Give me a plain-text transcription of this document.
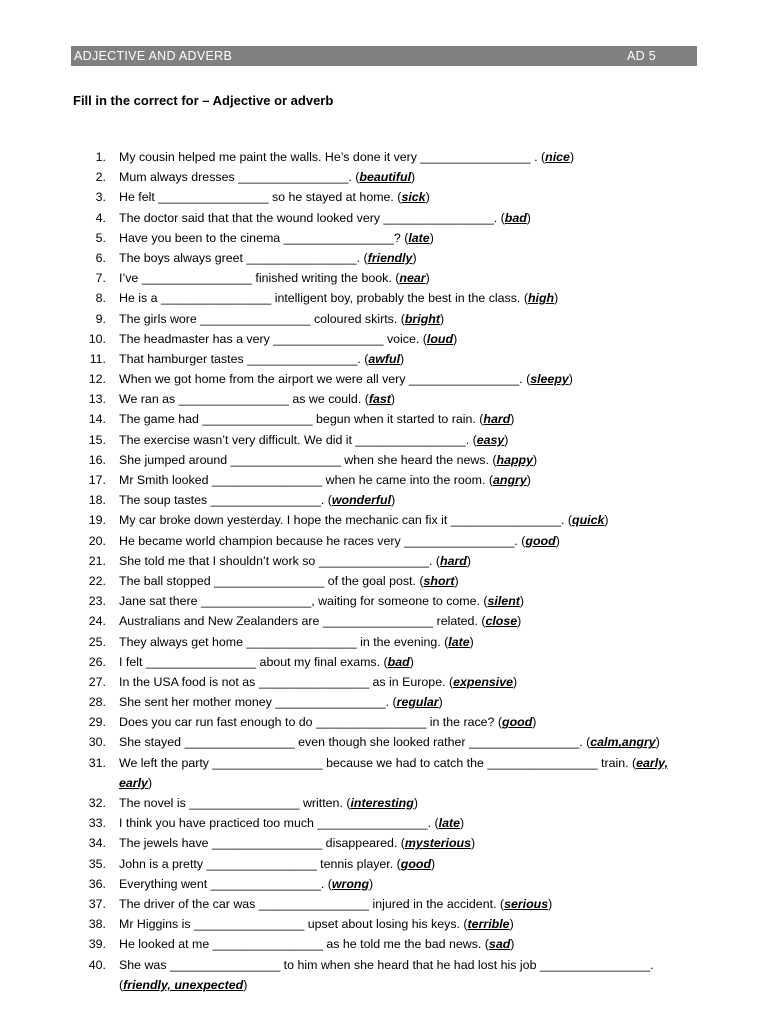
ADJECTIVE AND ADVERB	AD 5
Fill in the correct for – Adjective or adverb
1. My cousin helped me paint the walls. He’s done it very ________________ . (nice)
2. Mum always dresses ________________. (beautiful)
3. He felt ________________ so he stayed at home. (sick)
4. The doctor said that that the wound looked very ________________. (bad)
5. Have you been to the cinema ________________? (late)
6. The boys always greet ________________. (friendly)
7. I’ve ________________ finished writing the book. (near)
8. He is a ________________ intelligent boy, probably the best in the class. (high)
9. The girls wore ________________ coloured skirts. (bright)
10. The headmaster has a very ________________ voice. (loud)
11. That hamburger tastes ________________. (awful)
12. When we got home from the airport we were all very ________________. (sleepy)
13. We ran as ________________ as we could. (fast)
14. The game had ________________ begun when it started to rain. (hard)
15. The exercise wasn’t very difficult. We did it ________________. (easy)
16. She jumped around ________________ when she heard the news. (happy)
17. Mr Smith looked ________________ when he came into the room. (angry)
18. The soup tastes ________________. (wonderful)
19. My car broke down yesterday. I hope the mechanic can fix it ________________. (quick)
20. He became world champion because he races very ________________. (good)
21. She told me that I shouldn’t work so ________________. (hard)
22. The ball stopped ________________ of the goal post. (short)
23. Jane sat there ________________, waiting for someone to come. (silent)
24. Australians and New Zealanders are ________________ related. (close)
25. They always get home ________________ in the evening. (late)
26. I felt ________________ about my final exams. (bad)
27. In the USA food is not as ________________ as in Europe. (expensive)
28. She sent her mother money ________________. (regular)
29. Does you car run fast enough to do ________________ in the race? (good)
30. She stayed ________________ even though she looked rather ________________. (calm,angry)
31. We left the party ________________ because we had to catch the ________________ train. (early,
early)
32. The novel is ________________ written. (interesting)
33. I think you have practiced too much ________________. (late)
34. The jewels have ________________ disappeared. (mysterious)
35. John is a pretty ________________ tennis player. (good)
36. Everything went ________________. (wrong)
37. The driver of the car was ________________ injured in the accident. (serious)
38. Mr Higgins is ________________ upset about losing his keys. (terrible)
39. He looked at me ________________ as he told me the bad news. (sad)
40. She was ________________ to him when she heard that he had lost his job ________________.
(friendly, unexpected)
